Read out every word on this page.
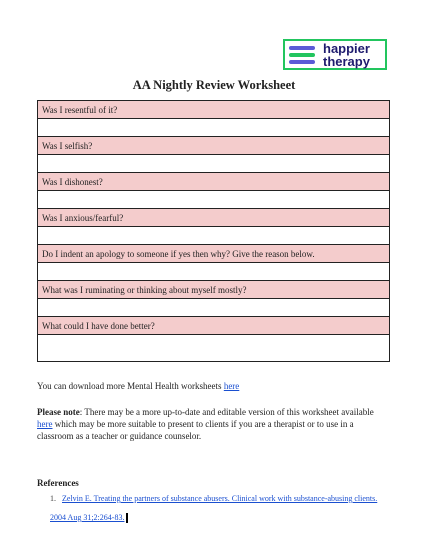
happier
therapy
AA Nightly Review Worksheet
Was I resentful of it?

Was I selfish?

Was I dishonest?

Was I anxious/fearful?

Do I indent an apology to someone if yes then why? Give the reason below.

What was I ruminating or thinking about myself mostly?

What could I have done better?

You can download more Mental Health worksheets here
Please note: There may be a more up-to-date and editable version of this worksheet available here which may be more suitable to present to clients if you are a therapist or to use in a classroom as a teacher or guidance counselor.
References
1. Zelvin E. Treating the partners of substance abusers. Clinical work with substance-abusing clients. 2004 Aug 31;2:264-83.
